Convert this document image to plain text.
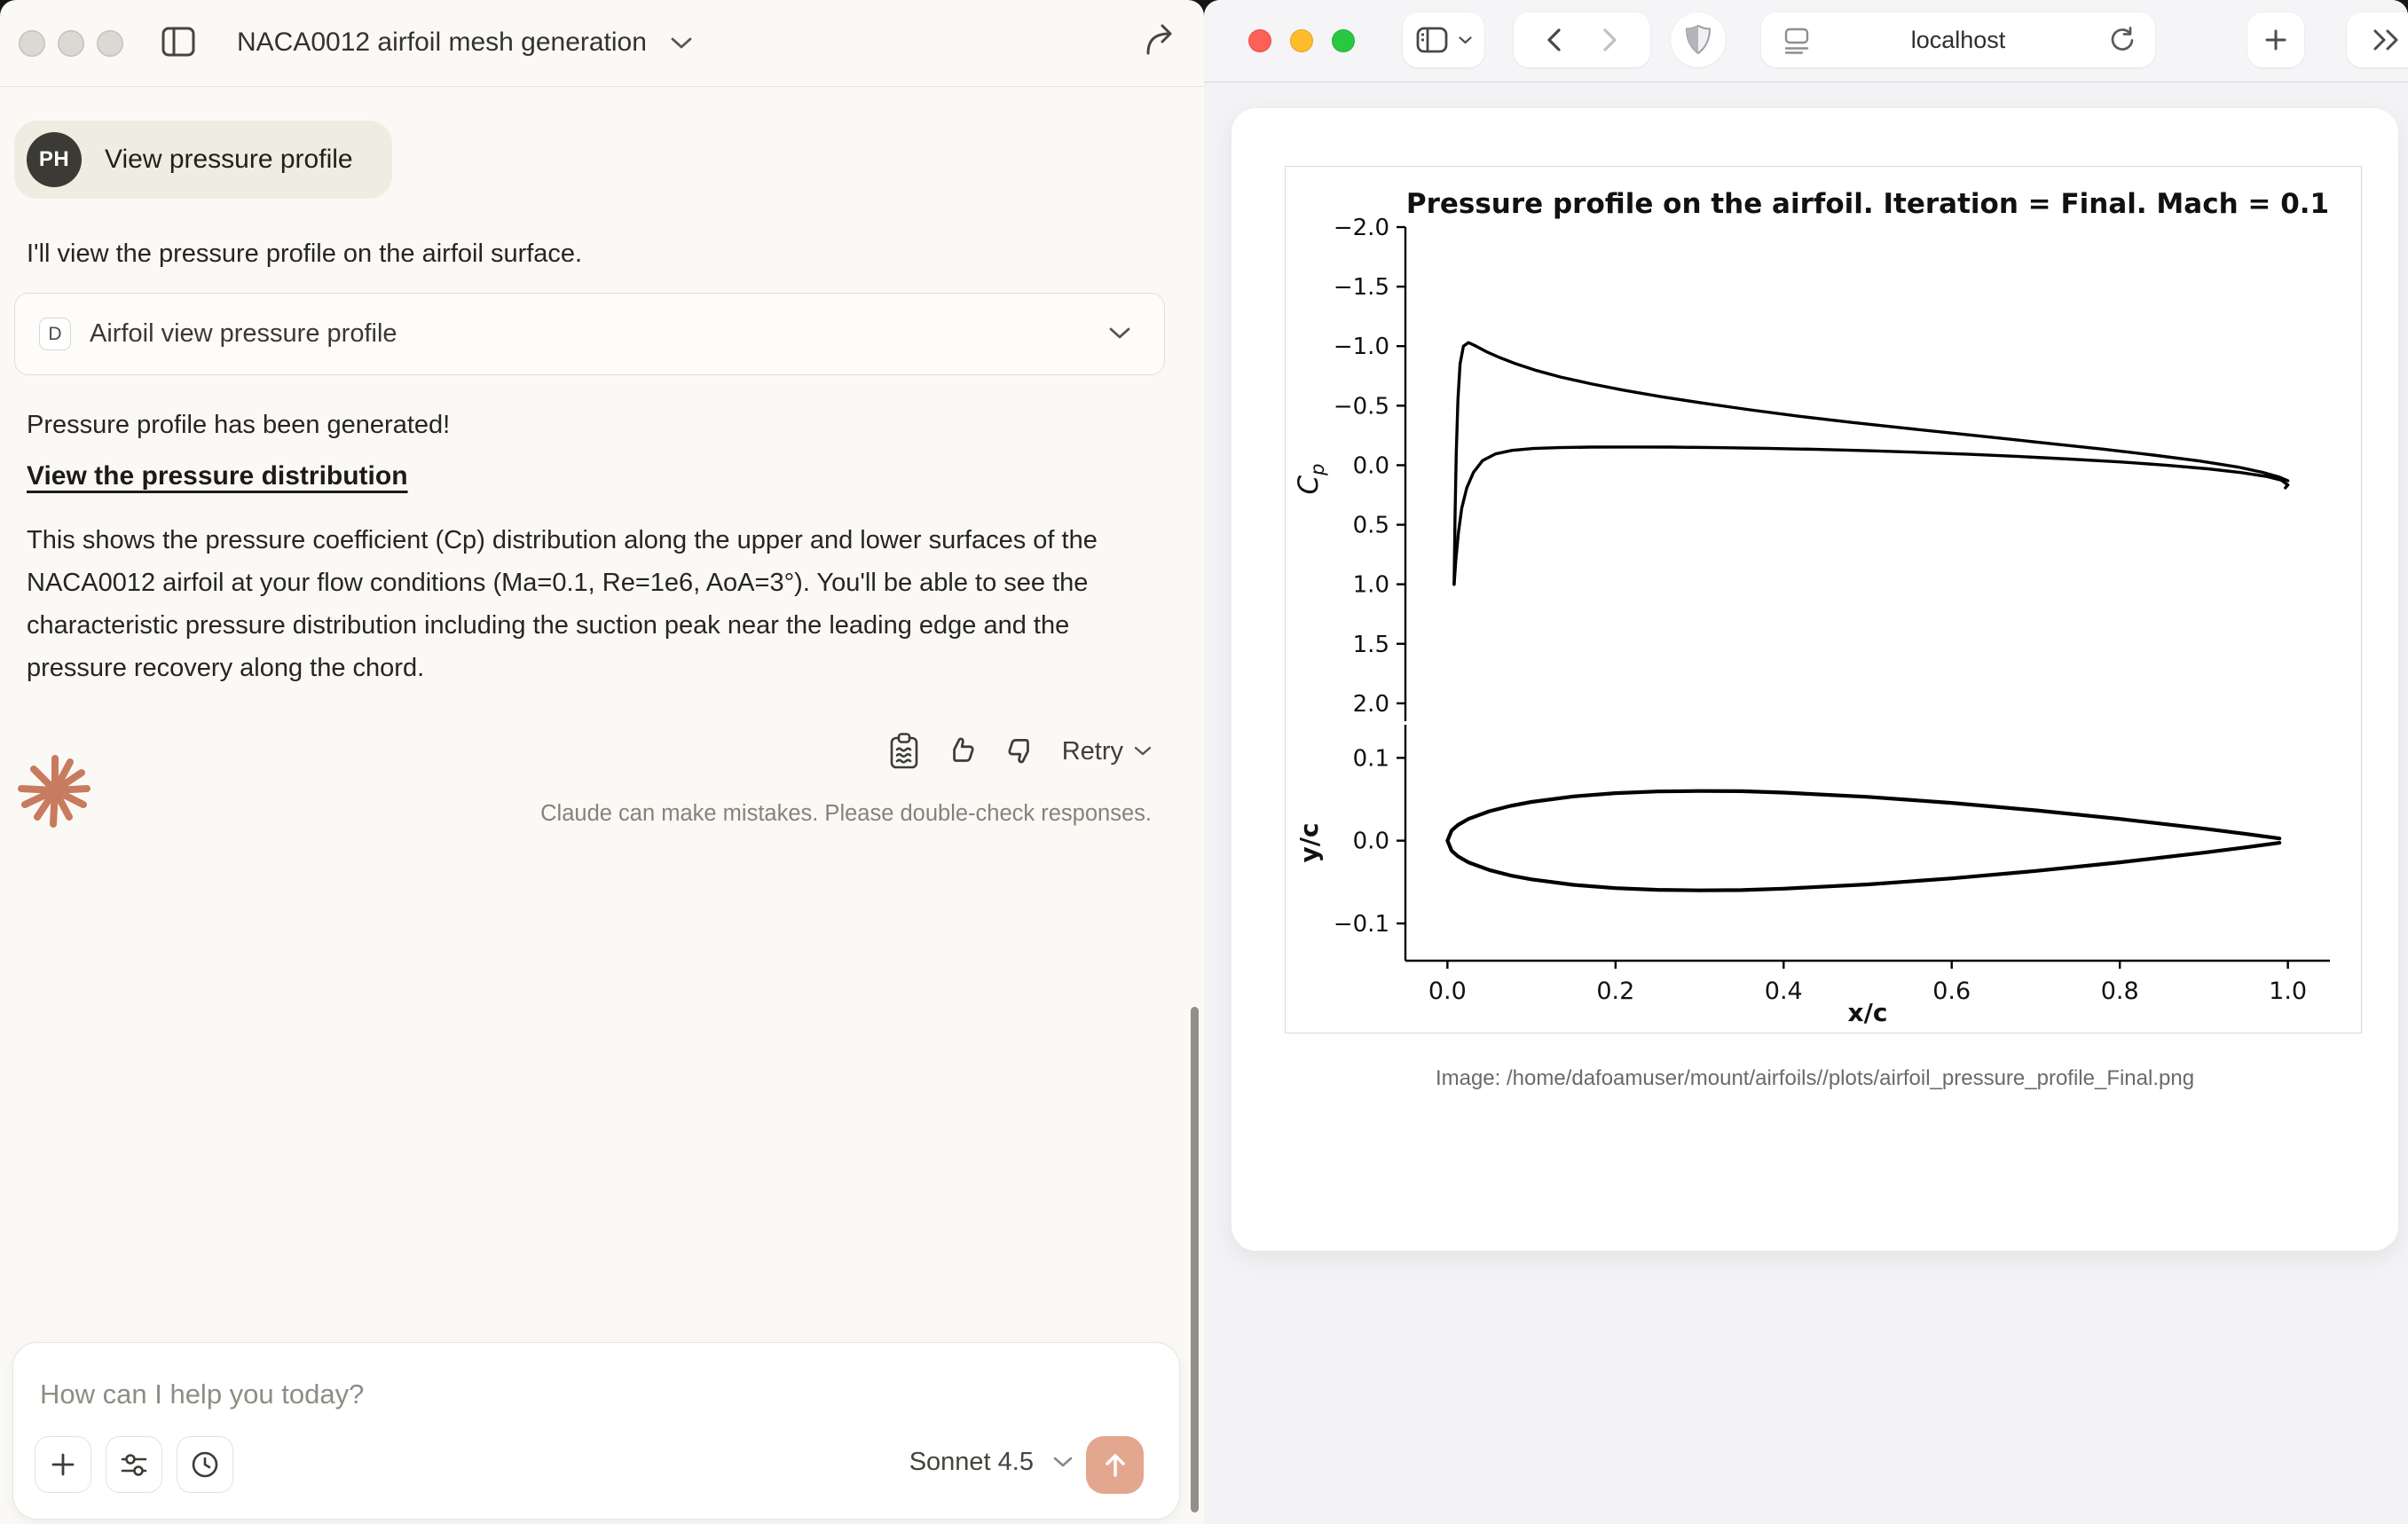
NACA0012 airfoil mesh generation
PH	View pressure profile
I'll view the pressure profile on the airfoil surface.
D	Airfoil view pressure profile
Pressure profile has been generated!
View the pressure distribution
This shows the pressure coefficient (Cp) distribution along the upper and lower surfaces of the NACA0012 airfoil at your flow conditions (Ma=0.1, Re=1e6, AoA=3°). You'll be able to see the characteristic pressure distribution including the suction peak near the leading edge and the pressure recovery along the chord.
Retry
Claude can make mistakes. Please double-check responses.
How can I help you today?
Sonnet 4.5
localhost
−2.0
−1.5
−1.0
−0.5
0.0
0.5
1.0
1.5
2.0
0.1
0.0
−0.1
0.0	0.2	0.4	0.6	0.8	1.0
Pressure profile on the airfoil. Iteration = Final. Mach = 0.1
x/c
$C_p$
y/c
Image: /home/dafoamuser/mount/airfoils//plots/airfoil_pressure_profile_Final.png
